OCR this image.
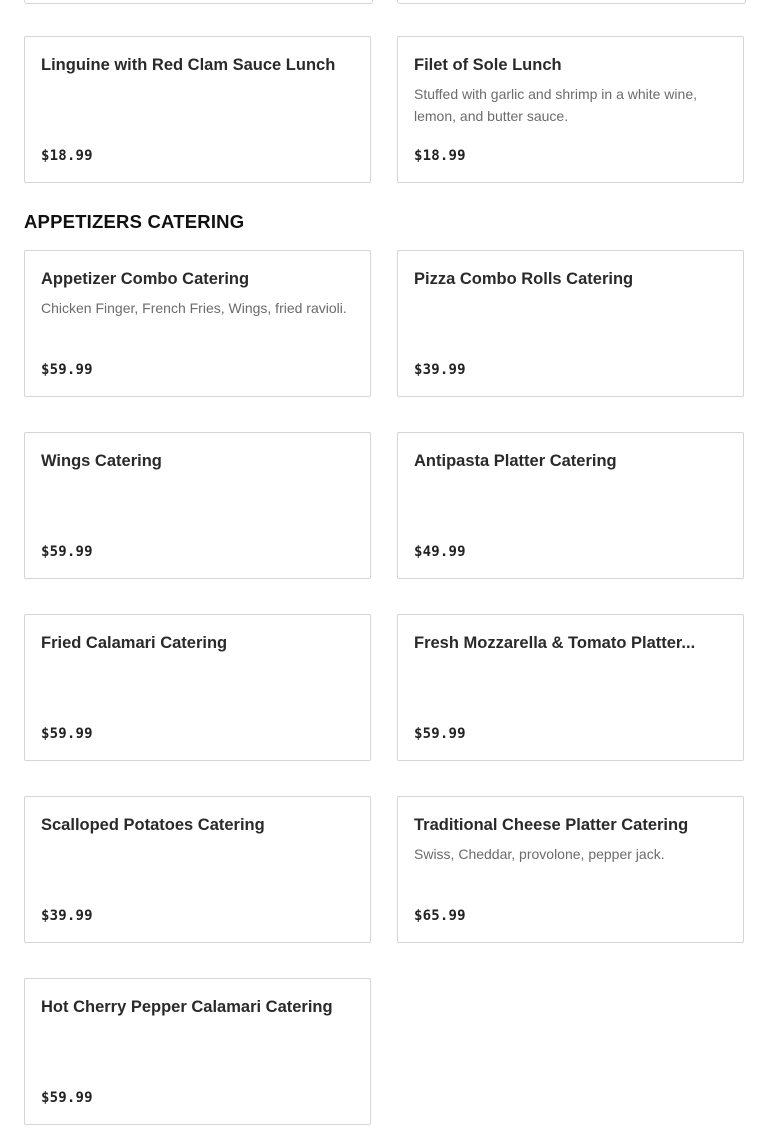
Linguine with Red Clam Sauce Lunch
$18.99
Filet of Sole Lunch
Stuffed with garlic and shrimp in a white wine, lemon, and butter sauce.
$18.99
APPETIZERS CATERING
Appetizer Combo Catering
Chicken Finger, French Fries, Wings, fried ravioli.
$59.99
Pizza Combo Rolls Catering
$39.99
Wings Catering
$59.99
Antipasta Platter Catering
$49.99
Fried Calamari Catering
$59.99
Fresh Mozzarella & Tomato Platter...
$59.99
Scalloped Potatoes Catering
$39.99
Traditional Cheese Platter Catering
Swiss, Cheddar, provolone, pepper jack.
$65.99
Hot Cherry Pepper Calamari Catering
$59.99
